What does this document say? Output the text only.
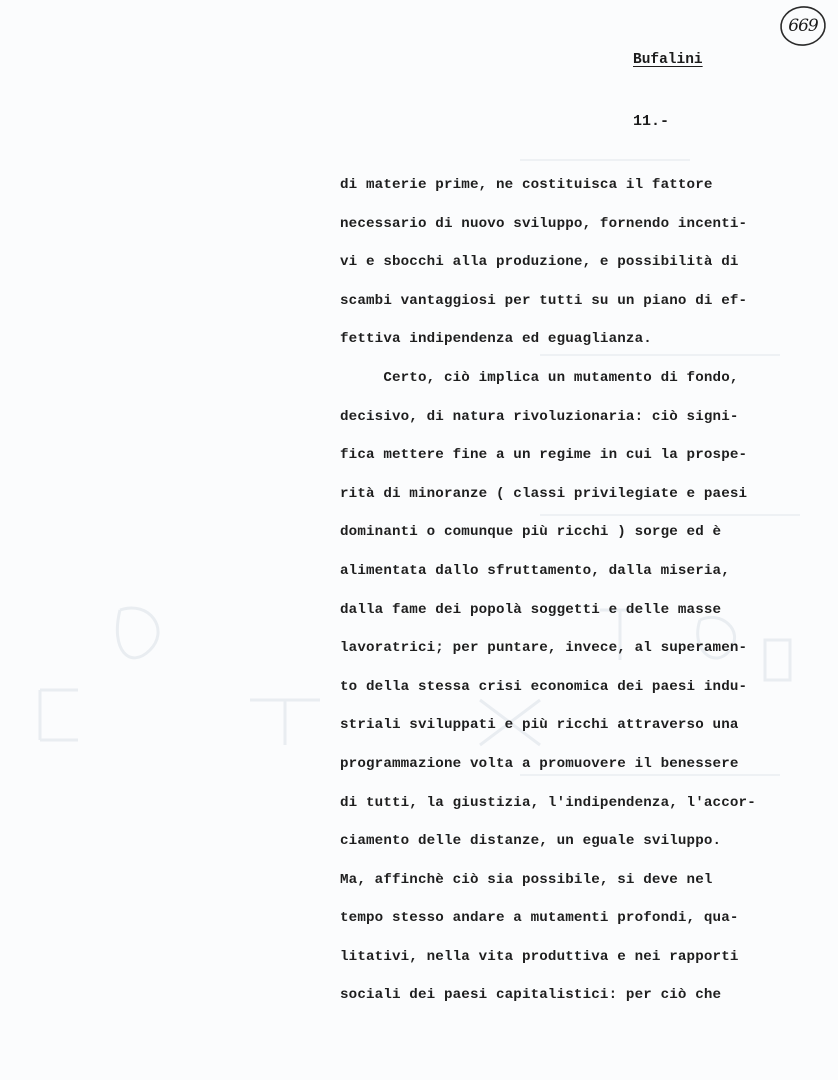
669
Bufalini
11.-
di materie prime, ne costituisca il fattore
necessario di nuovo sviluppo, fornendo incenti-
vi e sbocchi alla produzione, e possibilità di
scambi vantaggiosi per tutti su un piano di ef-
fettiva indipendenza ed eguaglianza.
Certo, ciò implica un mutamento di fondo,
decisivo, di natura rivoluzionaria: ciò signi-
fica mettere fine a un regime in cui la prospe-
rità di minoranze ( classi privilegiate e paesi
dominanti o comunque più ricchi ) sorge ed è
alimentata dallo sfruttamento, dalla miseria,
dalla fame dei popolà soggetti e delle masse
lavoratrici; per puntare, invece, al superamen-
to della stessa crisi economica dei paesi indu-
striali sviluppati e più ricchi attraverso una
programmazione volta a promuovere il benessere
di tutti, la giustizia, l'indipendenza, l'accor-
ciamento delle distanze, un eguale sviluppo.
Ma, affinchè ciò sia possibile, si deve nel
tempo stesso andare a mutamenti profondi, qua-
litativi, nella vita produttiva e nei rapporti
sociali dei paesi capitalistici: per ciò che
